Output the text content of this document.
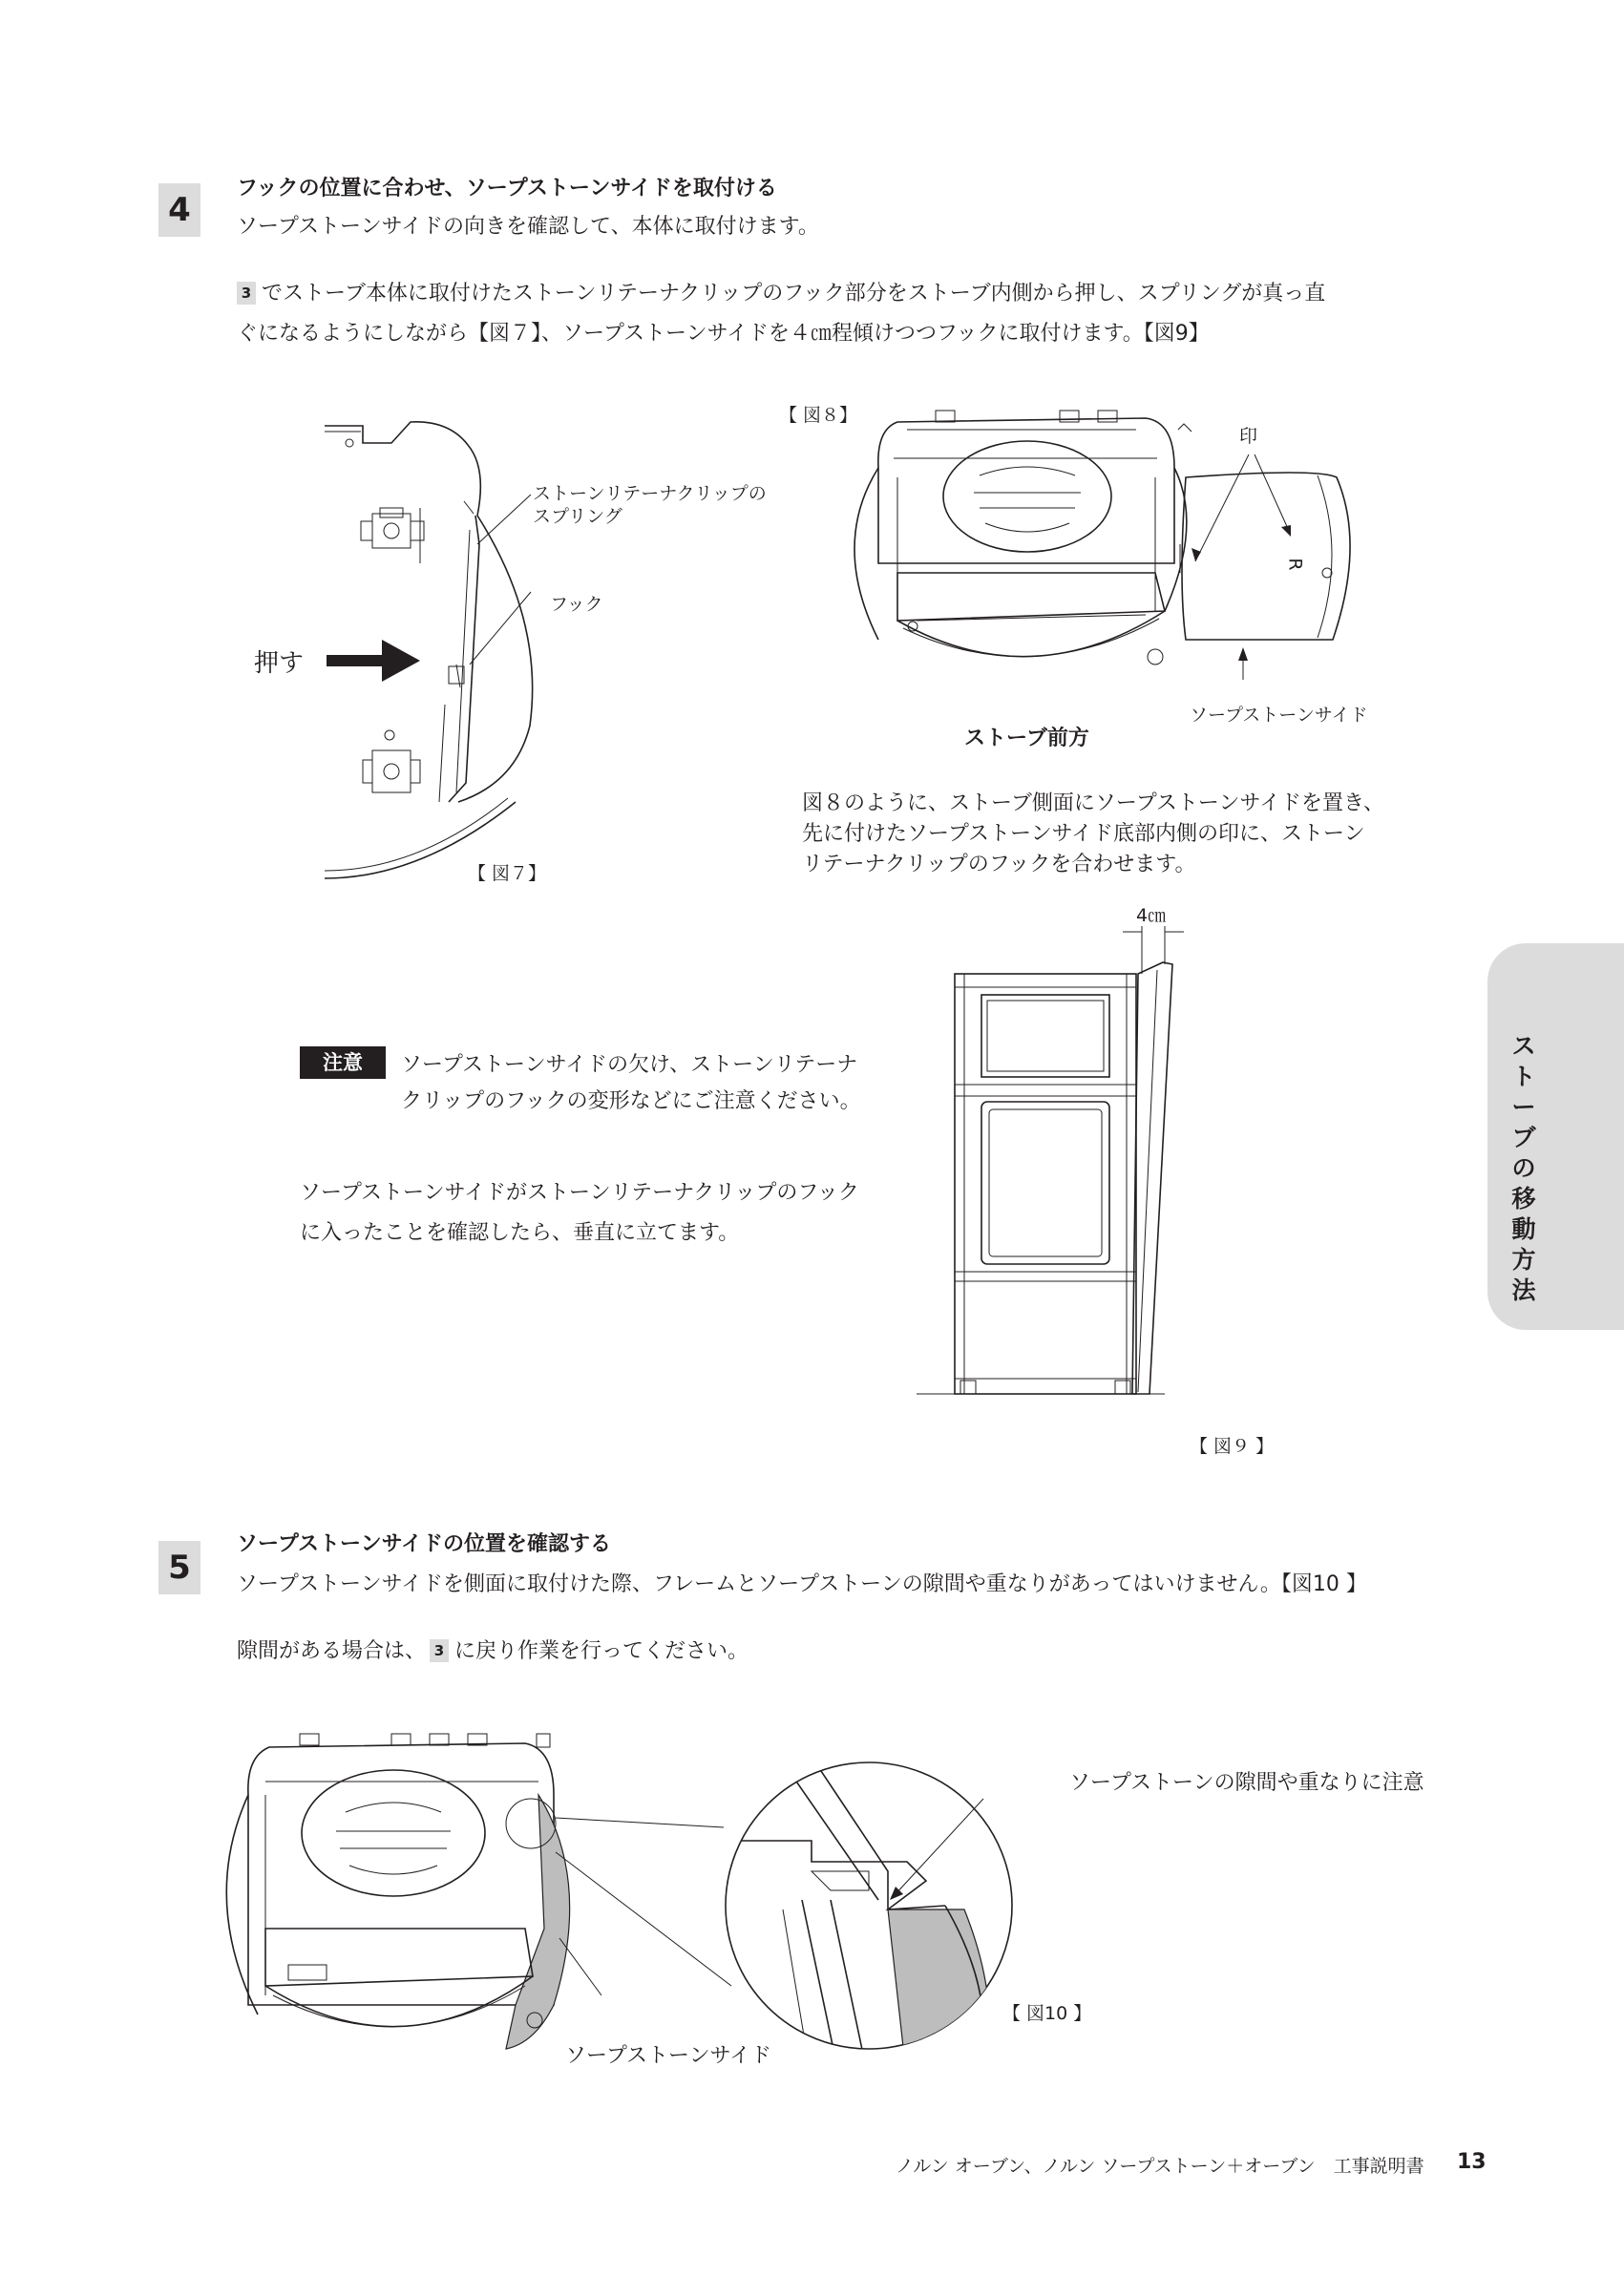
4
フックの位置に合わせ、ソープストーンサイドを取付ける
ソープストーンサイドの向きを確認して、本体に取付けます。
3 でストーブ本体に取付けたストーンリテーナクリップのフック部分をストーブ内側から押し、スプリングが真っ直
ぐになるようにしながら【図７】、ソープストーンサイドを４㎝程傾けつつフックに取付けます。【図9】
ストーンリテーナクリップの
スプリング
フック
押す
【 図７】
【 図８】
印
R
ソープストーンサイド
ストーブ前方
図８のように、ストーブ側面にソープストーンサイドを置き、
先に付けたソープストーンサイド底部内側の印に、ストーン
リテーナクリップのフックを合わせます。
注意	ソープストーンサイドの欠け、ストーンリテーナ
クリップのフックの変形などにご注意ください。
ソープストーンサイドがストーンリテーナクリップのフック
に入ったことを確認したら、垂直に立てます。
4㎝
【 図９ 】
ストーブの移動方法
5
ソープストーンサイドの位置を確認する
ソープストーンサイドを側面に取付けた際、フレームとソープストーンの隙間や重なりがあってはいけません。【図10 】
隙間がある場合は、 3 に戻り作業を行ってください。
ソープストーンの隙間や重なりに注意
ソープストーンサイド
【 図10 】
ノルン オーブン、ノルン ソープストーン＋オーブン　工事説明書 13
